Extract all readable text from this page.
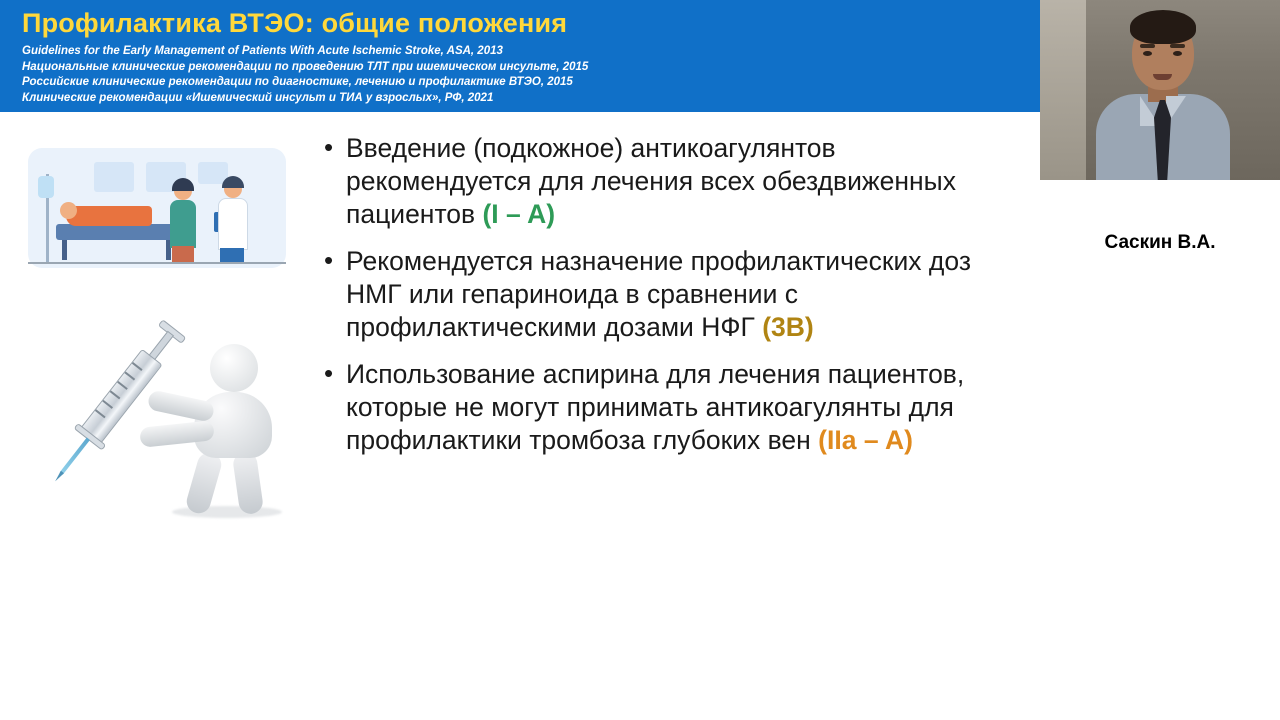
Профилактика ВТЭО: общие положения
Guidelines for the Early Management of Patients With Acute Ischemic Stroke, ASA, 2013
Национальные клинические рекомендации по проведению ТЛТ при ишемическом инсульте, 2015
Российские клинические рекомендации по диагностике, лечению и профилактике ВТЭО, 2015
Клинические рекомендации «Ишемический инсульт и ТИА у взрослых», РФ, 2021
Саскин В.А.
• Введение (подкожное) антикоагулянтов рекомендуется для лечения всех обездвиженных пациентов (I – A)
• Рекомендуется назначение профилактических доз НМГ или гепариноида в сравнении с профилактическими дозами НФГ (3В)
• Использование аспирина для лечения пациентов, которые не могут принимать антикоагулянты для профилактики тромбоза глубоких вен (IIa – A)
